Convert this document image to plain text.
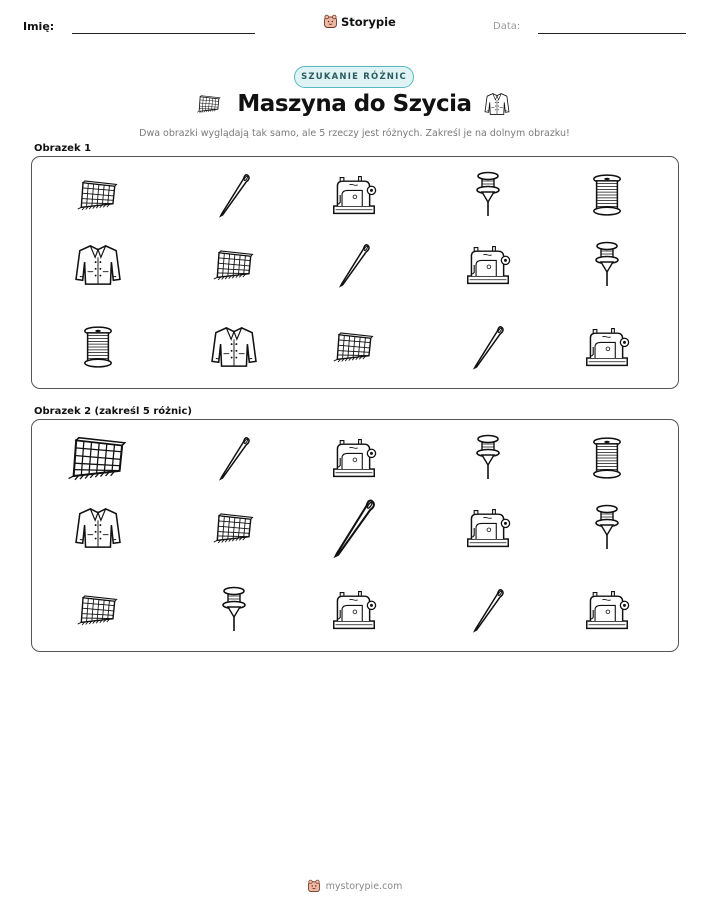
Imię:	Storypie	Data:
SZUKANIE RÓŻNIC
Maszyna do Szycia
Dwa obrazki wyglądają tak samo, ale 5 rzeczy jest różnych. Zakreśl je na dolnym obrazku!
Obrazek 1
Obrazek 2 (zakreśl 5 różnic)
mystorypie.com
